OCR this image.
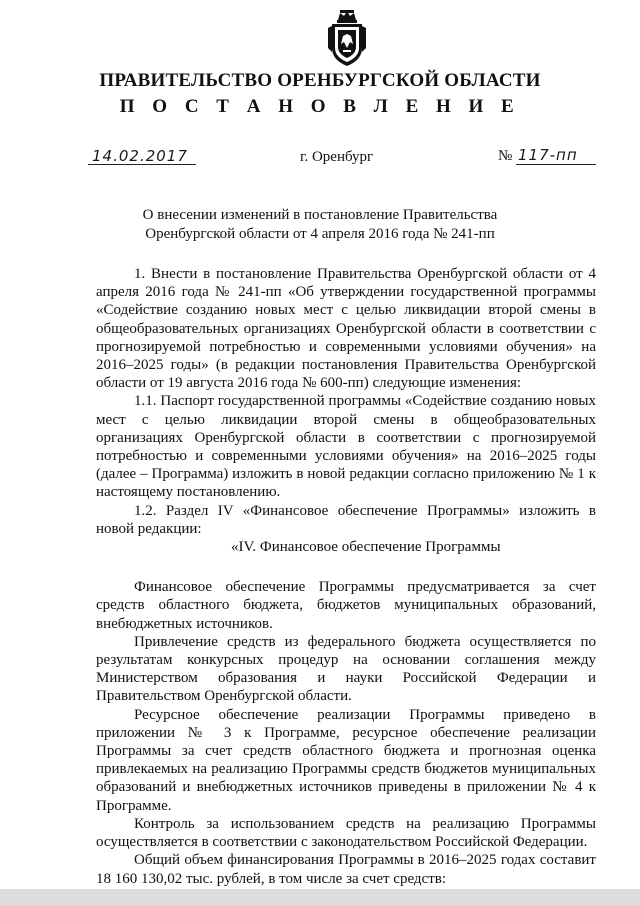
ПРАВИТЕЛЬСТВО ОРЕНБУРГСКОЙ ОБЛАСТИ
П О С Т А Н О В Л Е Н И Е
14.02.2017	г. Оренбург	№ 117-пп
О внесении изменений в постановление Правительства
Оренбургской области от 4 апреля 2016 года № 241-пп

1. Внести в постановление Правительства Оренбургской области от 4 апреля 2016 года № 241-пп «Об утверждении государственной программы «Содействие созданию новых мест с целью ликвидации второй смены в общеобразовательных организациях Оренбургской области в соответствии с прогнозируемой потребностью и современными условиями обучения» на 2016–2025 годы» (в редакции постановления Правительства Оренбургской области от 19 августа 2016 года № 600-пп) следующие изменения:

1.1. Паспорт государственной программы «Содействие созданию новых мест с целью ликвидации второй смены в общеобразовательных организациях Оренбургской области в соответствии с прогнозируемой потребностью и современными условиями обучения» на 2016–2025 годы (далее – Программа) изложить в новой редакции согласно приложению № 1 к настоящему постановлению.

1.2. Раздел IV «Финансовое обеспечение Программы» изложить в новой редакции:

«IV. Финансовое обеспечение Программы

Финансовое обеспечение Программы предусматривается за счет средств областного бюджета, бюджетов муниципальных образований, внебюджетных источников.

Привлечение средств из федерального бюджета осуществляется по результатам конкурсных процедур на основании соглашения между Министерством образования и науки Российской Федерации и Правительством Оренбургской области.

Ресурсное обеспечение реализации Программы приведено в приложении № 3 к Программе, ресурсное обеспечение реализации Программы за счет средств областного бюджета и прогнозная оценка привлекаемых на реализацию Программы средств бюджетов муниципальных образований и внебюджетных источников приведены в приложении № 4 к Программе.

Контроль за использованием средств на реализацию Программы осуществляется в соответствии с законодательством Российской Федерации.

Общий объем финансирования Программы в 2016–2025 годах составит 18 160 130,02 тыс. рублей, в том числе за счет средств:
